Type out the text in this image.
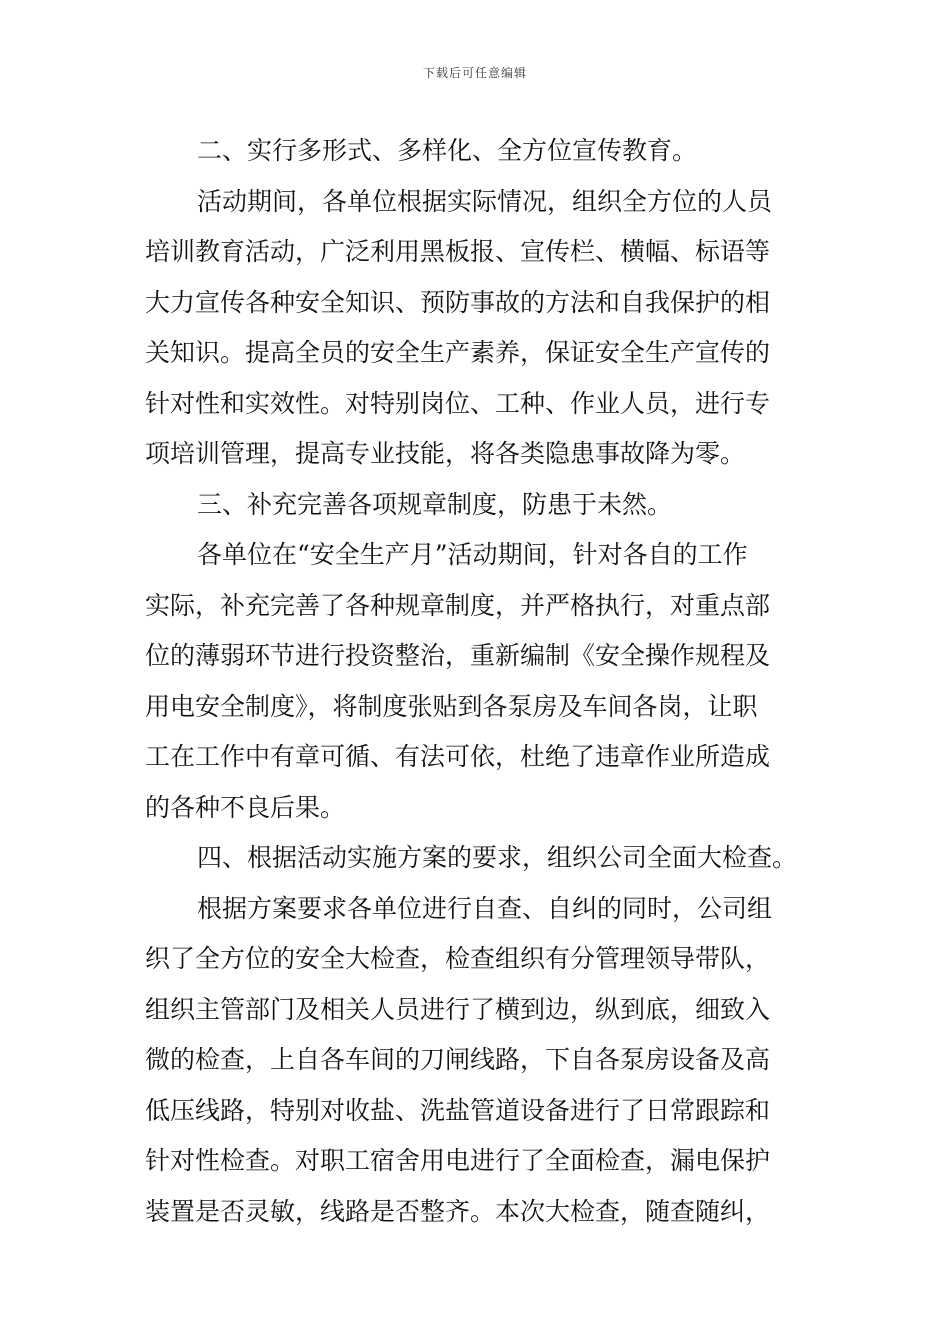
下载后可任意编辑
二、实行多形式、多样化、全方位宣传教育。
活动期间，各单位根据实际情况，组织全方位的人员
培训教育活动，广泛利用黑板报、宣传栏、横幅、标语等
大力宣传各种安全知识、预防事故的方法和自我保护的相
关知识。提高全员的安全生产素养，保证安全生产宣传的
针对性和实效性。对特别岗位、工种、作业人员，进行专
项培训管理，提高专业技能，将各类隐患事故降为零。
三、补充完善各项规章制度，防患于未然。
各单位在“安全生产月”活动期间，针对各自的工作
实际，补充完善了各种规章制度，并严格执行，对重点部
位的薄弱环节进行投资整治，重新编制《安全操作规程及
用电安全制度》，将制度张贴到各泵房及车间各岗，让职
工在工作中有章可循、有法可依，杜绝了违章作业所造成
的各种不良后果。
四、根据活动实施方案的要求，组织公司全面大检查。
根据方案要求各单位进行自查、自纠的同时，公司组
织了全方位的安全大检查，检查组织有分管理领导带队，
组织主管部门及相关人员进行了横到边，纵到底，细致入
微的检查，上自各车间的刀闸线路，下自各泵房设备及高
低压线路，特别对收盐、洗盐管道设备进行了日常跟踪和
针对性检查。对职工宿舍用电进行了全面检查，漏电保护
装置是否灵敏，线路是否整齐。本次大检查，随查随纠，
